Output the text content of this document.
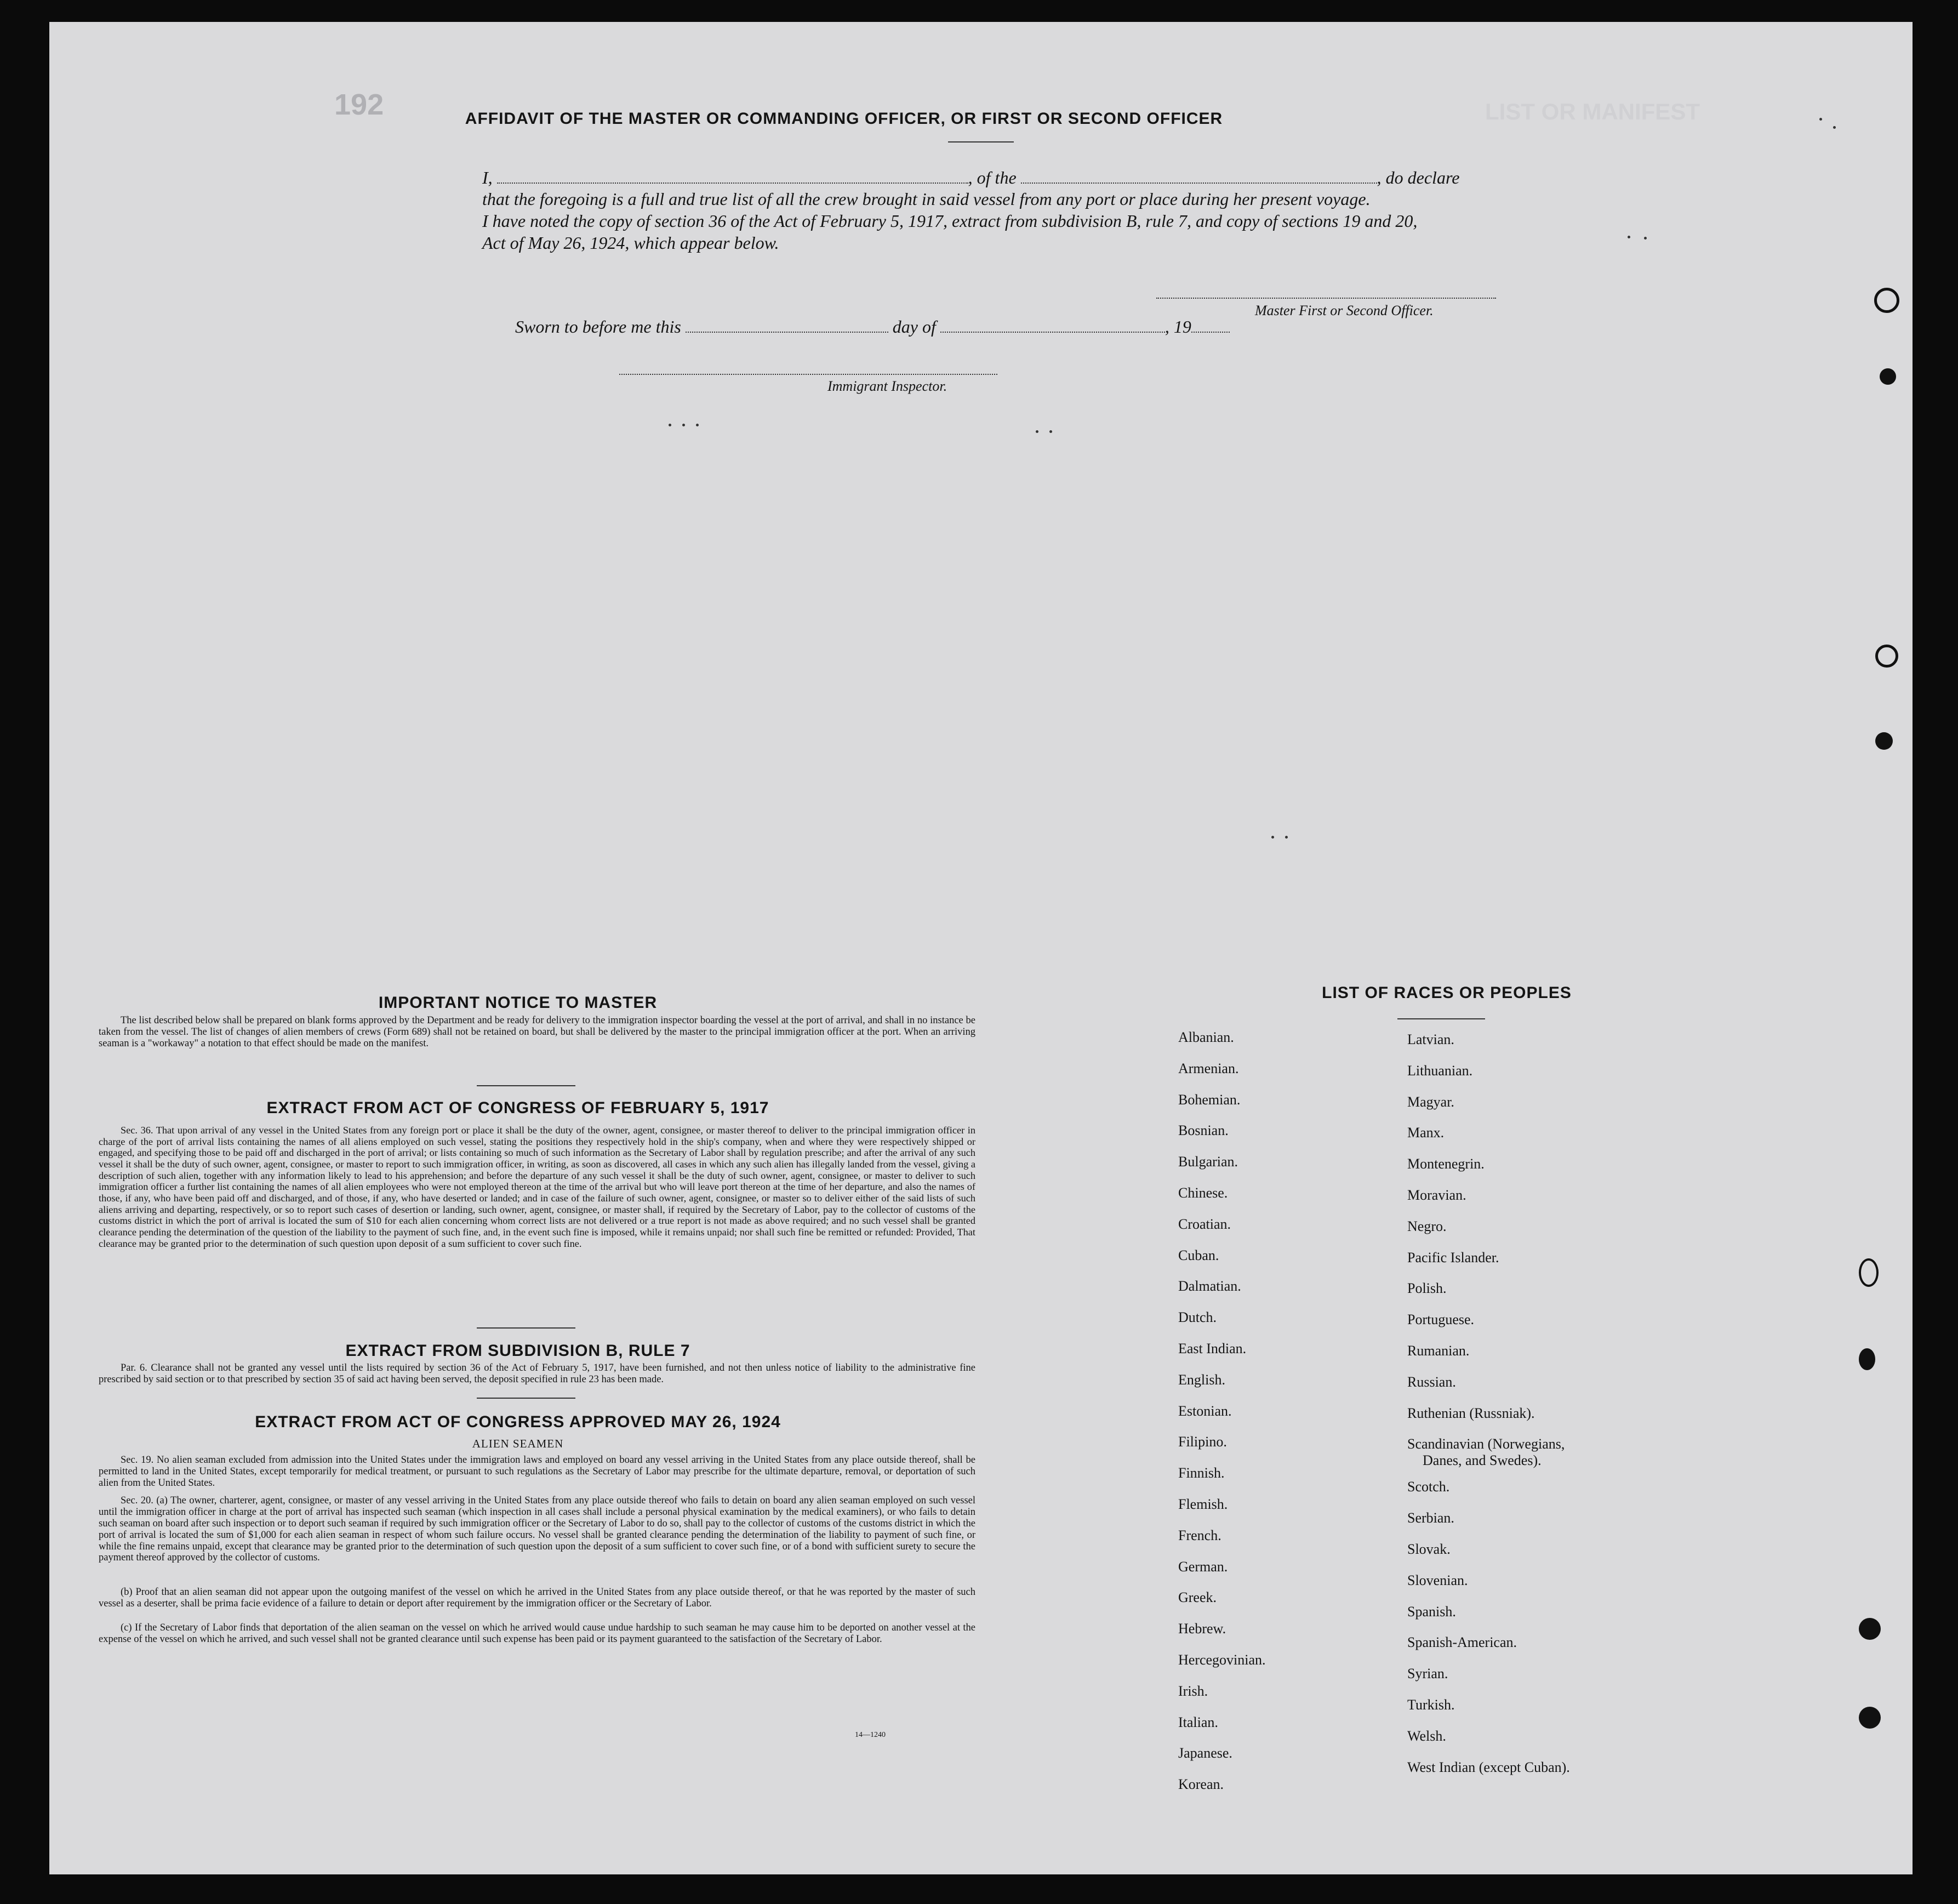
LIST OR MANIFEST
192	AFFIDAVIT OF THE MASTER OR COMMANDING OFFICER, OR FIRST OR SECOND OFFICER
I,	, of the	, do declare
that the foregoing is a full and true list of all the crew brought in said vessel from any port or place during her present voyage.
I have noted the copy of section 36 of the Act of February 5, 1917, extract from subdivision B, rule 7, and copy of sections 19 and 20,
Act of May 26, 1924, which appear below.
Master First or Second Officer.
Sworn to before me this	day of	, 19
Immigrant Inspector.
IMPORTANT NOTICE TO MASTER
The list described below shall be prepared on blank forms approved by the Department and be ready for delivery to the immigration inspector boarding the vessel at the port of arrival, and shall in no instance be taken from the vessel. The list of changes of alien members of crews (Form 689) shall not be retained on board, but shall be delivered by the master to the principal immigration officer at the port. When an arriving seaman is a "workaway" a notation to that effect should be made on the manifest.
EXTRACT FROM ACT OF CONGRESS OF FEBRUARY 5, 1917
Sec. 36. That upon arrival of any vessel in the United States from any foreign port or place it shall be the duty of the owner, agent, consignee, or master thereof to deliver to the principal immigration officer in charge of the port of arrival lists containing the names of all aliens employed on such vessel, stating the positions they respectively hold in the ship's company, when and where they were respectively shipped or engaged, and specifying those to be paid off and discharged in the port of arrival; or lists containing so much of such information as the Secretary of Labor shall by regulation prescribe; and after the arrival of any such vessel it shall be the duty of such owner, agent, consignee, or master to report to such immigration officer, in writing, as soon as discovered, all cases in which any such alien has illegally landed from the vessel, giving a description of such alien, together with any information likely to lead to his apprehension; and before the departure of any such vessel it shall be the duty of such owner, agent, consignee, or master to deliver to such immigration officer a further list containing the names of all alien employees who were not employed thereon at the time of the arrival but who will leave port thereon at the time of her departure, and also the names of those, if any, who have been paid off and discharged, and of those, if any, who have deserted or landed; and in case of the failure of such owner, agent, consignee, or master so to deliver either of the said lists of such aliens arriving and departing, respectively, or so to report such cases of desertion or landing, such owner, agent, consignee, or master shall, if required by the Secretary of Labor, pay to the collector of customs of the customs district in which the port of arrival is located the sum of $10 for each alien concerning whom correct lists are not delivered or a true report is not made as above required; and no such vessel shall be granted clearance pending the determination of the question of the liability to the payment of such fine, and, in the event such fine is imposed, while it remains unpaid; nor shall such fine be remitted or refunded: Provided, That clearance may be granted prior to the determination of such question upon deposit of a sum sufficient to cover such fine.
EXTRACT FROM SUBDIVISION B, RULE 7
Par. 6. Clearance shall not be granted any vessel until the lists required by section 36 of the Act of February 5, 1917, have been furnished, and not then unless notice of liability to the administrative fine prescribed by said section or to that prescribed by section 35 of said act having been served, the deposit specified in rule 23 has been made.
EXTRACT FROM ACT OF CONGRESS APPROVED MAY 26, 1924
ALIEN SEAMEN
Sec. 19. No alien seaman excluded from admission into the United States under the immigration laws and employed on board any vessel arriving in the United States from any place outside thereof, shall be permitted to land in the United States, except temporarily for medical treatment, or pursuant to such regulations as the Secretary of Labor may prescribe for the ultimate departure, removal, or deportation of such alien from the United States.
Sec. 20. (a) The owner, charterer, agent, consignee, or master of any vessel arriving in the United States from any place outside thereof who fails to detain on board any alien seaman employed on such vessel until the immigration officer in charge at the port of arrival has inspected such seaman (which inspection in all cases shall include a personal physical examination by the medical examiners), or who fails to detain such seaman on board after such inspection or to deport such seaman if required by such immigration officer or the Secretary of Labor to do so, shall pay to the collector of customs of the customs district in which the port of arrival is located the sum of $1,000 for each alien seaman in respect of whom such failure occurs. No vessel shall be granted clearance pending the determination of the liability to payment of such fine, or while the fine remains unpaid, except that clearance may be granted prior to the determination of such question upon the deposit of a sum sufficient to cover such fine, or of a bond with sufficient surety to secure the payment thereof approved by the collector of customs.
(b) Proof that an alien seaman did not appear upon the outgoing manifest of the vessel on which he arrived in the United States from any place outside thereof, or that he was reported by the master of such vessel as a deserter, shall be prima facie evidence of a failure to detain or deport after requirement by the immigration officer or the Secretary of Labor.
(c) If the Secretary of Labor finds that deportation of the alien seaman on the vessel on which he arrived would cause undue hardship to such seaman he may cause him to be deported on another vessel at the expense of the vessel on which he arrived, and such vessel shall not be granted clearance until such expense has been paid or its payment guaranteed to the satisfaction of the Secretary of Labor.
14—1240
LIST OF RACES OR PEOPLES
Albanian.
Armenian.
Bohemian.
Bosnian.
Bulgarian.
Chinese.
Croatian.
Cuban.
Dalmatian.
Dutch.
East Indian.
English.
Estonian.
Filipino.
Finnish.
Flemish.
French.
German.
Greek.
Hebrew.
Hercegovinian.
Irish.
Italian.
Japanese.
Korean.
Latvian.
Lithuanian.
Magyar.
Manx.
Montenegrin.
Moravian.
Negro.
Pacific Islander.
Polish.
Portuguese.
Rumanian.
Russian.
Ruthenian (Russniak).
Scandinavian (Norwegians,
Danes, and Swedes).
Scotch.
Serbian.
Slovak.
Slovenian.
Spanish.
Spanish-American.
Syrian.
Turkish.
Welsh.
West Indian (except Cuban).
